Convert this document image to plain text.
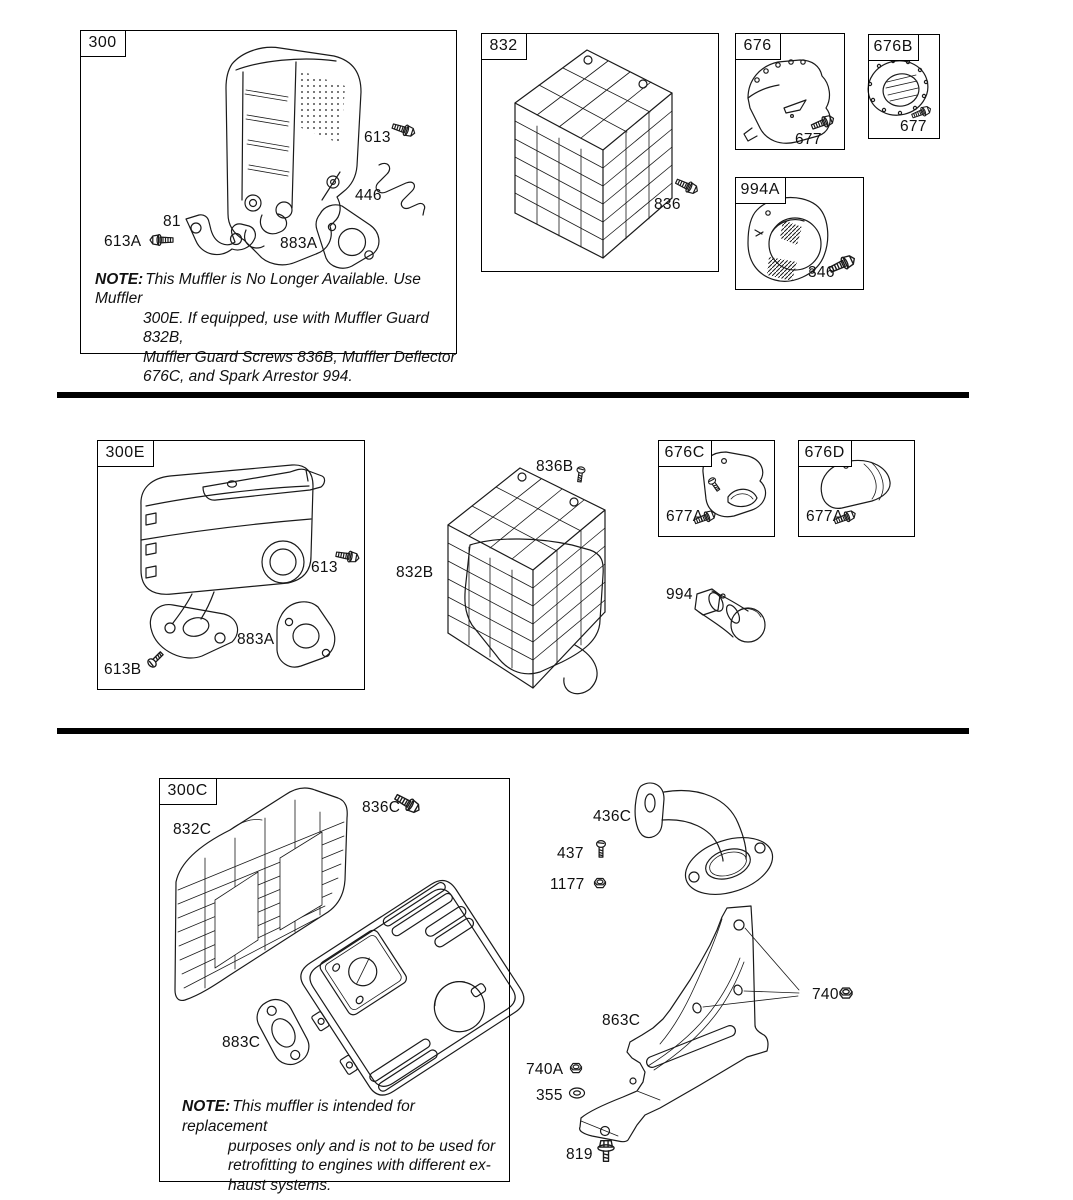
300	832	676	676B
994A
300E	676C	676D
300C
613
446
81
613A	883A
836
677
677
346
836B
832B
613
883A
613B
677A	677A
994
832C
836C
883C
436C
437
1177
740
863C
740A
355
819
NOTE: This Muffler is No Longer Available. Use Muffler
300E. If equipped, use with Muffler Guard 832B,
Muffler Guard Screws 836B, Muffler Deflector
676C, and Spark Arrestor 994.
NOTE: This muffler is intended for replacement
purposes only and is not to be used for
retrofitting to engines with different ex-
haust systems.
